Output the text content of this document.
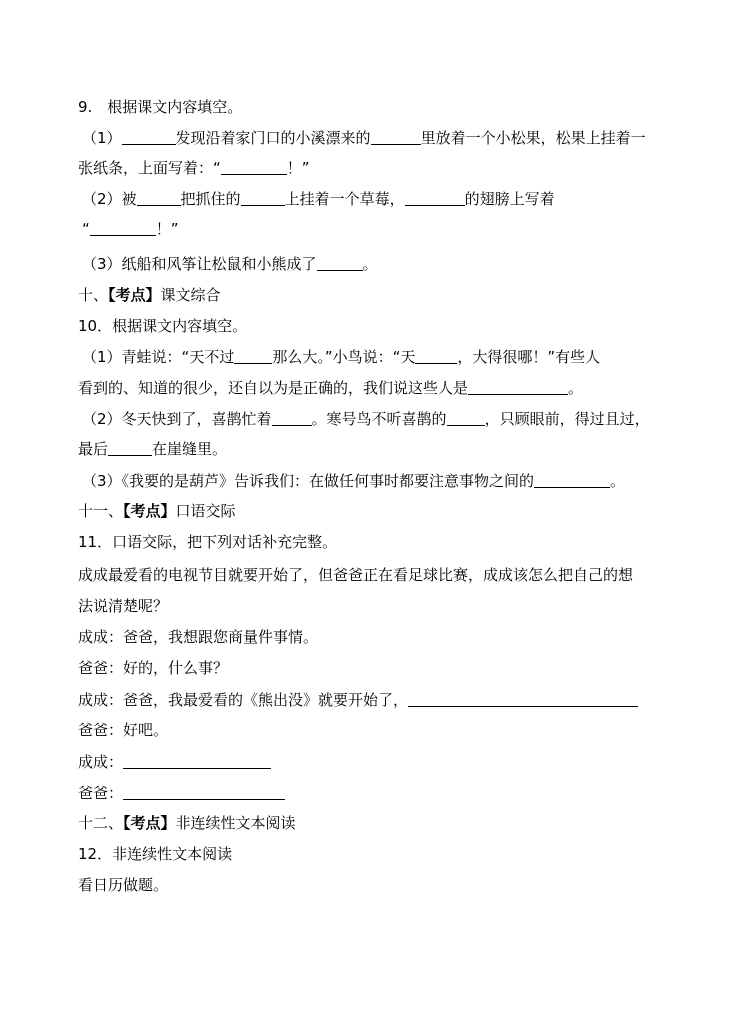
9.　根据课文内容填空。
（1）	发现沿着家门口的小溪漂来的	里放着一个小松果，松果上挂着一
张纸条，上面写着：“	！”
（2）被	把抓住的	上挂着一个草莓，	的翅膀上写着
“	！”
（3）纸船和风筝让松鼠和小熊成了	。
十、【考点】课文综合
10．根据课文内容填空。
（1）青蛙说：“天不过	那么大。”小鸟说：“天	，大得很哪！”有些人
看到的、知道的很少，还自以为是正确的，我们说这些人是	。
（2）冬天快到了，喜鹊忙着	。寒号鸟不听喜鹊的	，只顾眼前，得过且过，
最后	在崖缝里。
（3）《我要的是葫芦》告诉我们：在做任何事时都要注意事物之间的	。
十一、【考点】口语交际
11．口语交际，把下列对话补充完整。
成成最爱看的电视节目就要开始了，但爸爸正在看足球比赛，成成该怎么把自己的想
法说清楚呢？
成成：爸爸，我想跟您商量件事情。
爸爸：好的，什么事？
成成：爸爸，我最爱看的《熊出没》就要开始了，
爸爸：好吧。
成成：
爸爸：
十二、【考点】非连续性文本阅读
12．非连续性文本阅读
看日历做题。
